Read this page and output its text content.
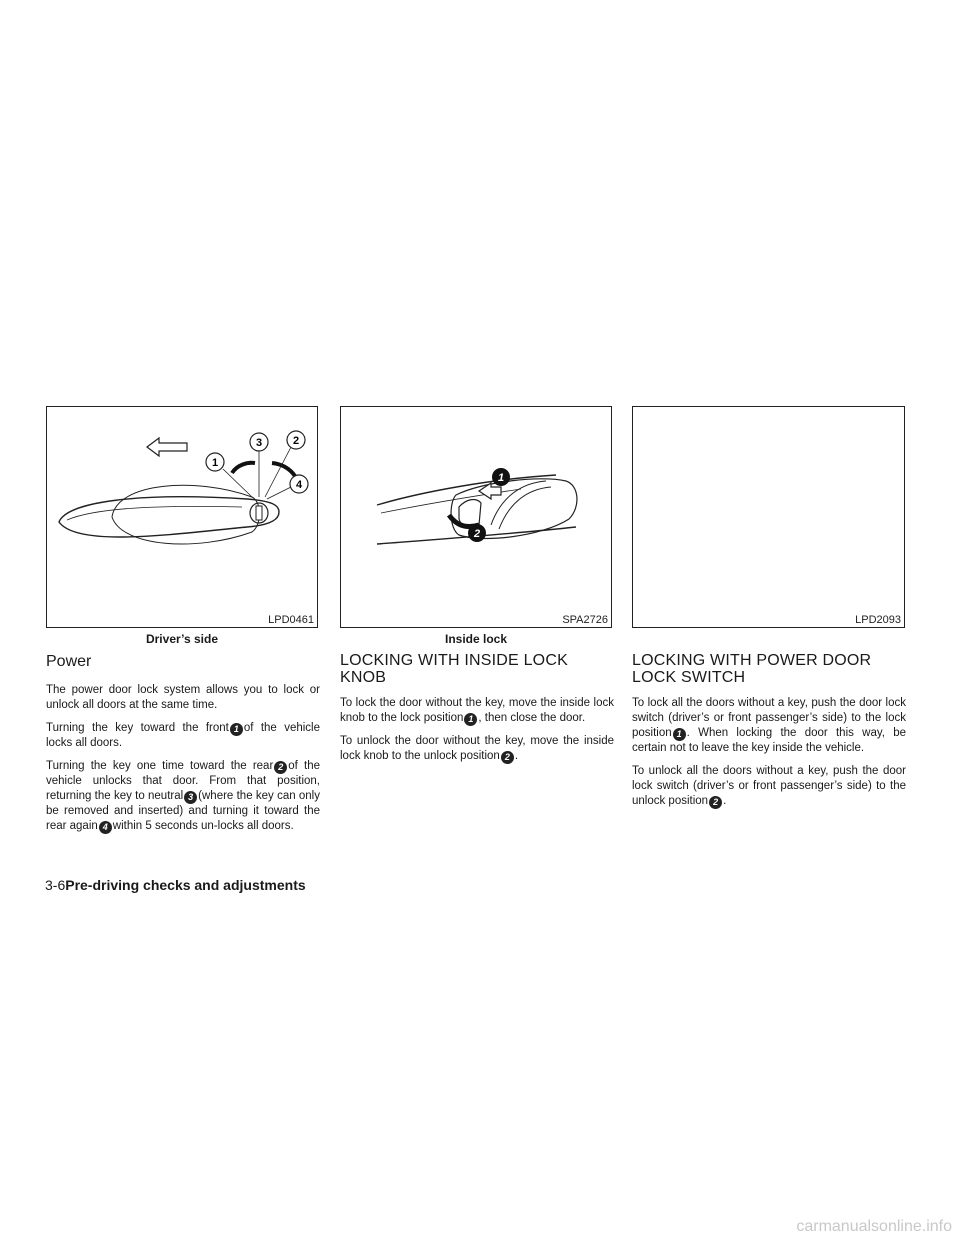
1
3	2
4
LPD0461
Driver’s side
1
2
SPA2726
Inside lock
LPD2093
Power

The power door lock system allows you to lock or unlock all doors at the same time.

Turning the key toward the front 1 of the vehicle locks all doors.

Turning the key one time toward the rear 2 of the vehicle unlocks that door. From that position, returning the key to neutral 3 (where the key can only be removed and inserted) and turning it toward the rear again 4 within 5 seconds un-locks all doors.

LOCKING WITH INSIDE LOCK KNOB

To lock the door without the key, move the inside lock knob to the lock position 1 , then close the door.

To unlock the door without the key, move the inside lock knob to the unlock position 2 .

LOCKING WITH POWER DOOR LOCK SWITCH

To lock all the doors without a key, push the door lock switch (driver’s or front passenger’s side) to the lock position 1 . When locking the door this way, be certain not to leave the key inside the vehicle.

To unlock all the doors without a key, push the door lock switch (driver’s or front passenger’s side) to the unlock position 2 .

3-6Pre-driving checks and adjustments
carmanualsonline.info
